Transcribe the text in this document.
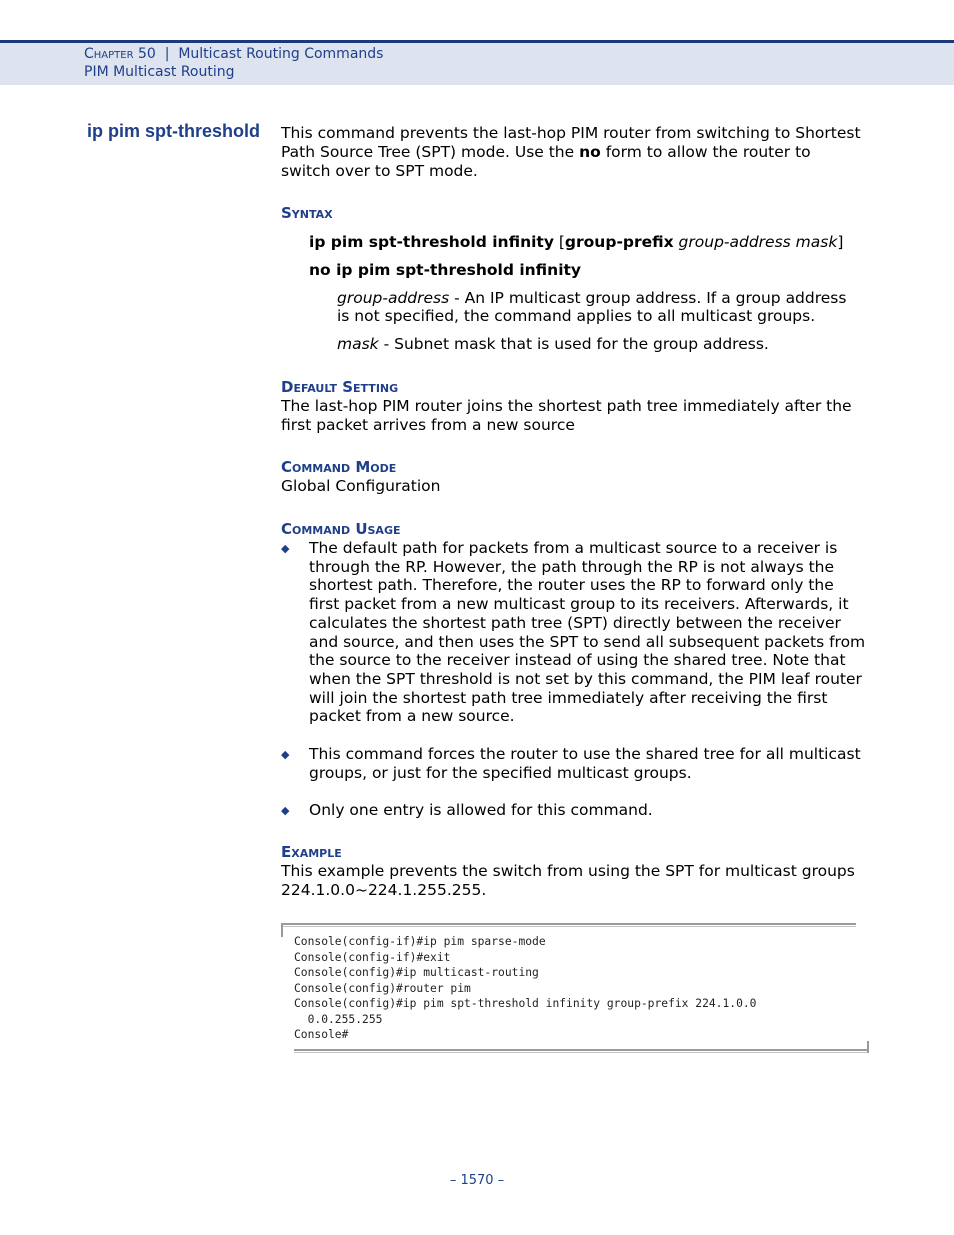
Chapter 50 | Multicast Routing Commands
PIM Multicast Routing
ip pim spt-threshold This command prevents the last-hop PIM router from switching to Shortest
Path Source Tree (SPT) mode. Use the no form to allow the router to
switch over to SPT mode.
Syntax
ip pim spt-threshold infinity [group-prefix group-address mask]
no ip pim spt-threshold infinity
group-address - An IP multicast group address. If a group address
is not specified, the command applies to all multicast groups.
mask - Subnet mask that is used for the group address.
Default Setting
The last-hop PIM router joins the shortest path tree immediately after the
first packet arrives from a new source
Command Mode
Global Configuration
Command Usage
◆ The default path for packets from a multicast source to a receiver is
through the RP. However, the path through the RP is not always the
shortest path. Therefore, the router uses the RP to forward only the
first packet from a new multicast group to its receivers. Afterwards, it
calculates the shortest path tree (SPT) directly between the receiver
and source, and then uses the SPT to send all subsequent packets from
the source to the receiver instead of using the shared tree. Note that
when the SPT threshold is not set by this command, the PIM leaf router
will join the shortest path tree immediately after receiving the first
packet from a new source.
◆ This command forces the router to use the shared tree for all multicast
groups, or just for the specified multicast groups.
◆ Only one entry is allowed for this command.
Example
This example prevents the switch from using the SPT for multicast groups
224.1.0.0~224.1.255.255.
Console(config-if)#ip pim sparse-mode
Console(config-if)#exit
Console(config)#ip multicast-routing
Console(config)#router pim
Console(config)#ip pim spt-threshold infinity group-prefix 224.1.0.0
0.0.255.255
Console#
– 1570 –
